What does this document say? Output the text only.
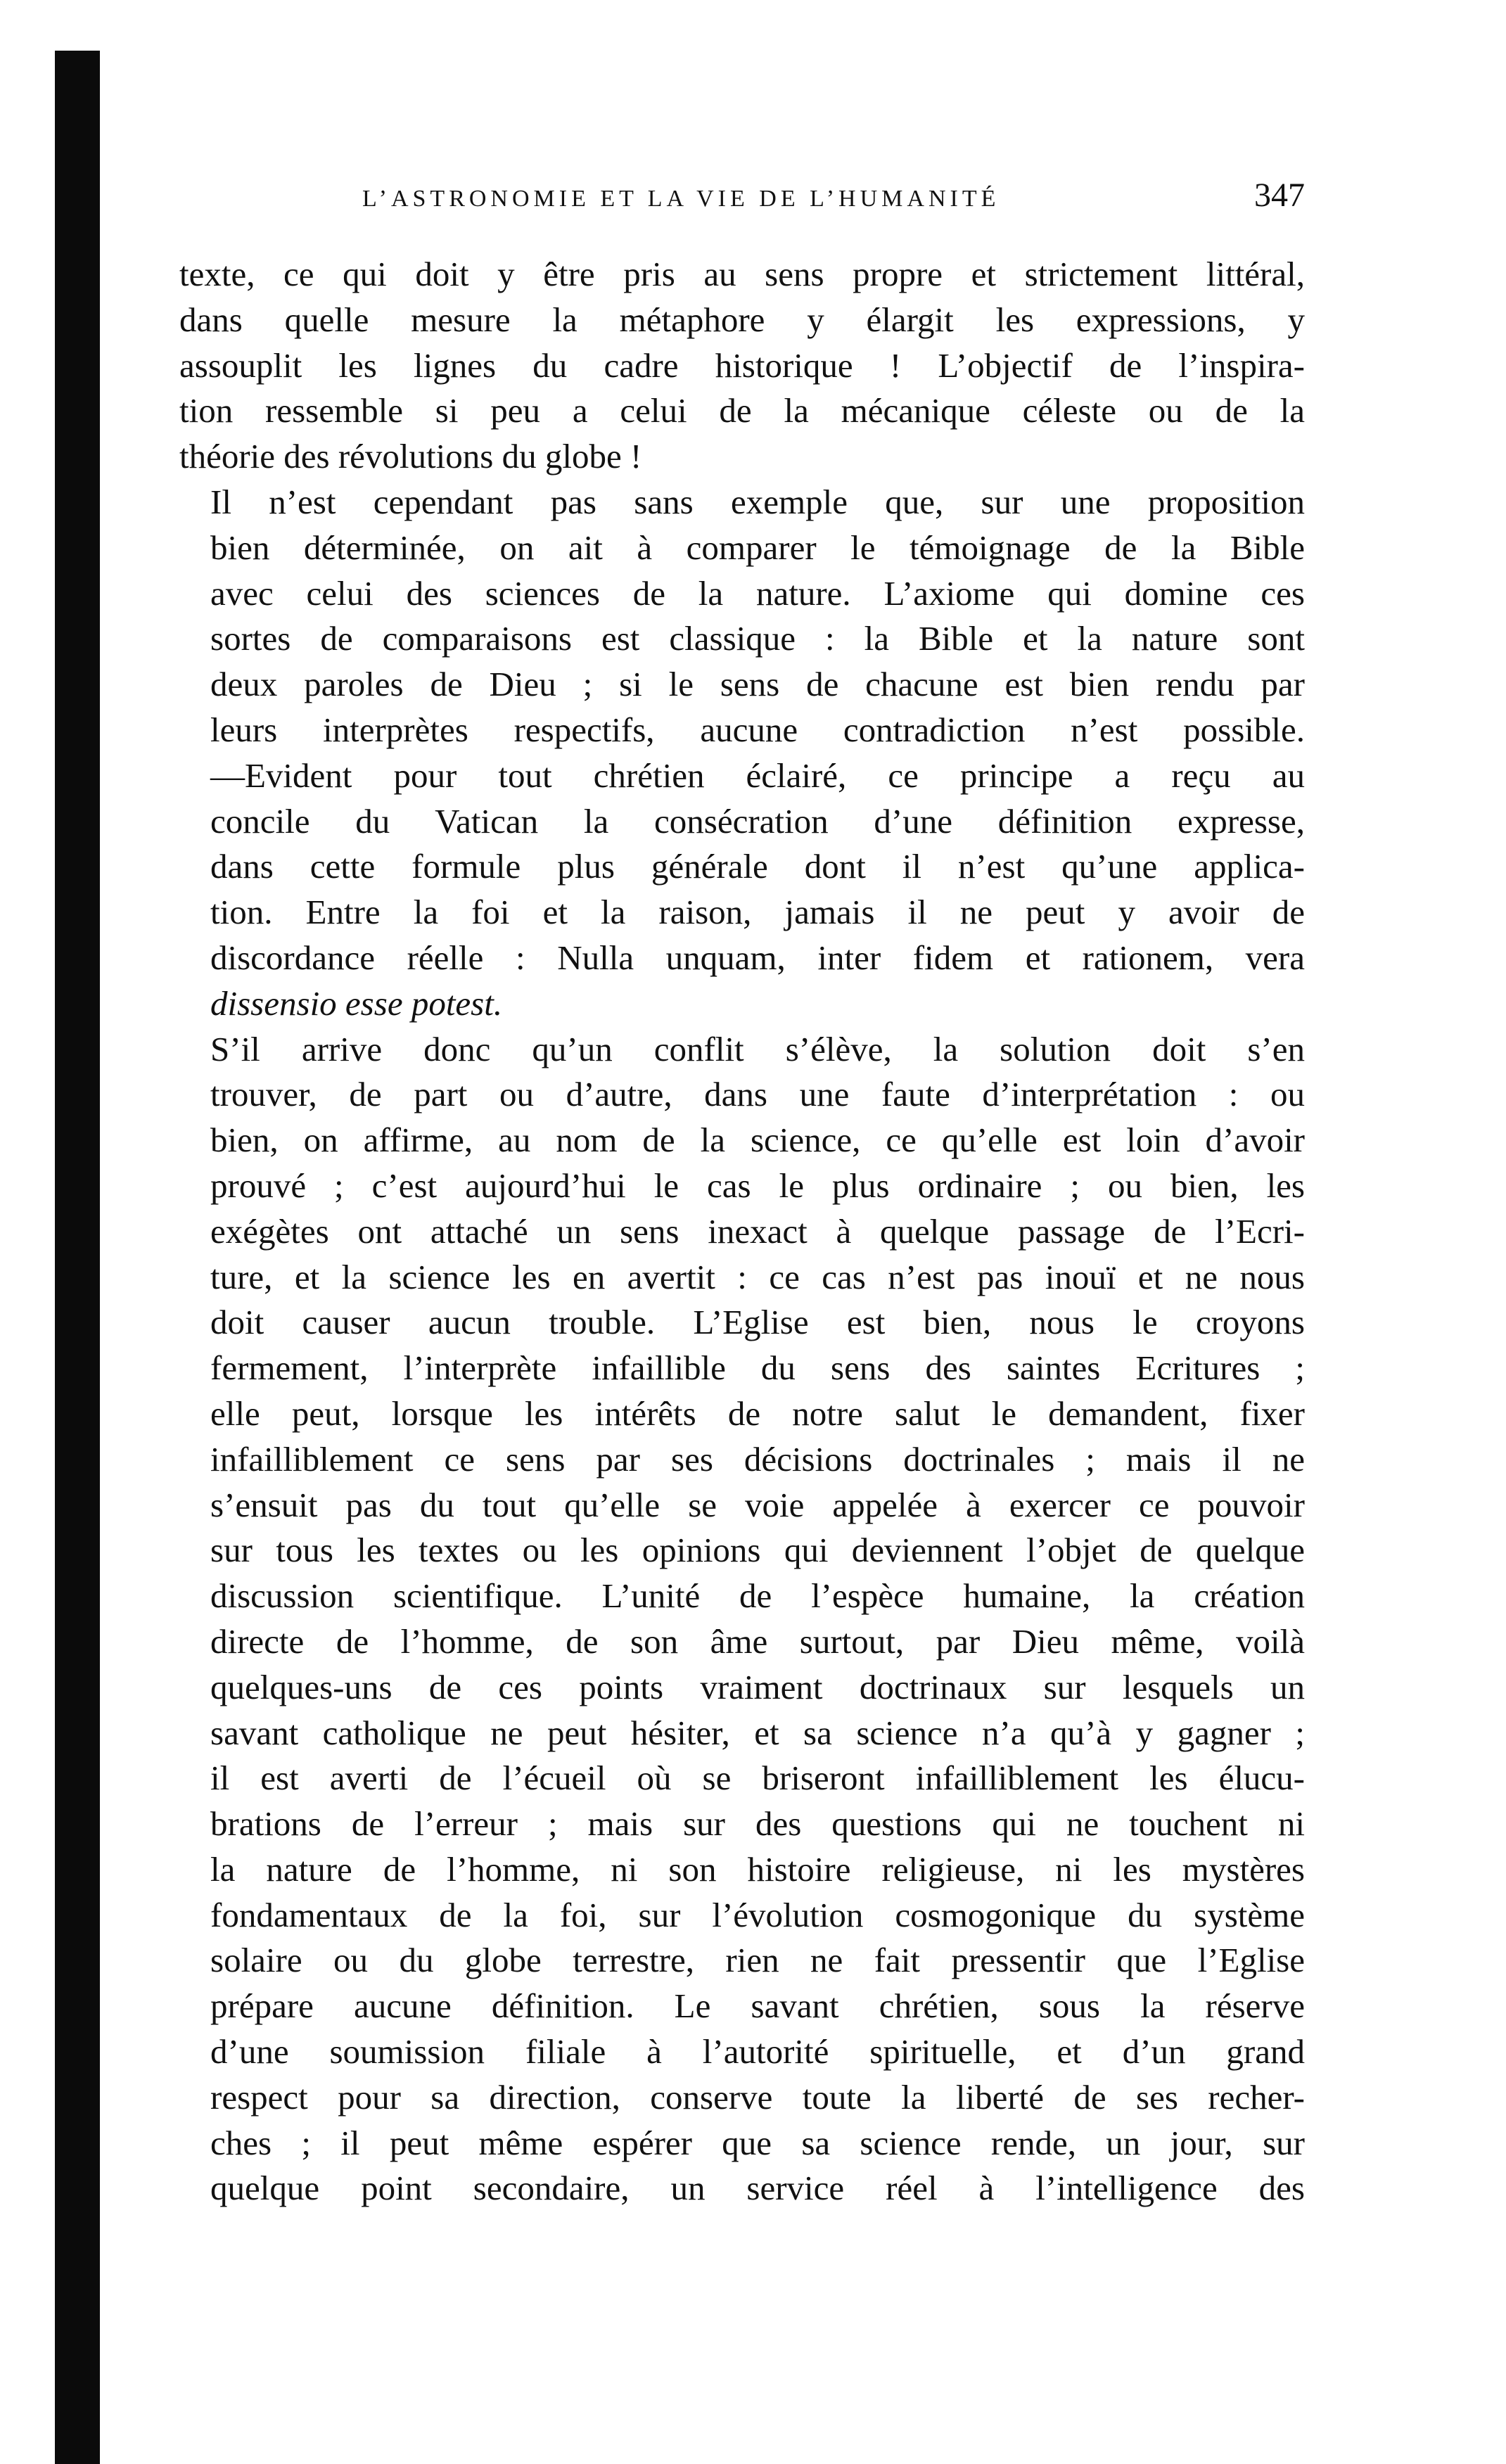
L’ASTRONOMIE ET LA VIE DE L’HUMANITÉ	347
texte, ce qui doit y être pris au sens propre et strictement littéral,
dans quelle mesure la métaphore y élargit les expressions, y
assouplit les lignes du cadre historique ! L’objectif de l’inspira-
tion ressemble si peu a celui de la mécanique céleste ou de la
théorie des révolutions du globe !
Il n’est cependant pas sans exemple que, sur une proposition
bien déterminée, on ait à comparer le témoignage de la Bible
avec celui des sciences de la nature. L’axiome qui domine ces
sortes de comparaisons est classique : la Bible et la nature sont
deux paroles de Dieu ; si le sens de chacune est bien rendu par
leurs interprètes respectifs, aucune contradiction n’est possible.
—Evident pour tout chrétien éclairé, ce principe a reçu au
concile du Vatican la consécration d’une définition expresse,
dans cette formule plus générale dont il n’est qu’une applica-
tion. Entre la foi et la raison, jamais il ne peut y avoir de
discordance réelle : Nulla unquam, inter fidem et rationem, vera
dissensio esse potest.
S’il arrive donc qu’un conflit s’élève, la solution doit s’en
trouver, de part ou d’autre, dans une faute d’interprétation : ou
bien, on affirme, au nom de la science, ce qu’elle est loin d’avoir
prouvé ; c’est aujourd’hui le cas le plus ordinaire ; ou bien, les
exégètes ont attaché un sens inexact à quelque passage de l’Ecri-
ture, et la science les en avertit : ce cas n’est pas inouï et ne nous
doit causer aucun trouble. L’Eglise est bien, nous le croyons
fermement, l’interprète infaillible du sens des saintes Ecritures ;
elle peut, lorsque les intérêts de notre salut le demandent, fixer
infailliblement ce sens par ses décisions doctrinales ; mais il ne
s’ensuit pas du tout qu’elle se voie appelée à exercer ce pouvoir
sur tous les textes ou les opinions qui deviennent l’objet de quelque
discussion scientifique. L’unité de l’espèce humaine, la création
directe de l’homme, de son âme surtout, par Dieu même, voilà
quelques-uns de ces points vraiment doctrinaux sur lesquels un
savant catholique ne peut hésiter, et sa science n’a qu’à y gagner ;
il est averti de l’écueil où se briseront infailliblement les élucu-
brations de l’erreur ; mais sur des questions qui ne touchent ni
la nature de l’homme, ni son histoire religieuse, ni les mystères
fondamentaux de la foi, sur l’évolution cosmogonique du système
solaire ou du globe terrestre, rien ne fait pressentir que l’Eglise
prépare aucune définition. Le savant chrétien, sous la réserve
d’une soumission filiale à l’autorité spirituelle, et d’un grand
respect pour sa direction, conserve toute la liberté de ses recher-
ches ; il peut même espérer que sa science rende, un jour, sur
quelque point secondaire, un service réel à l’intelligence des
